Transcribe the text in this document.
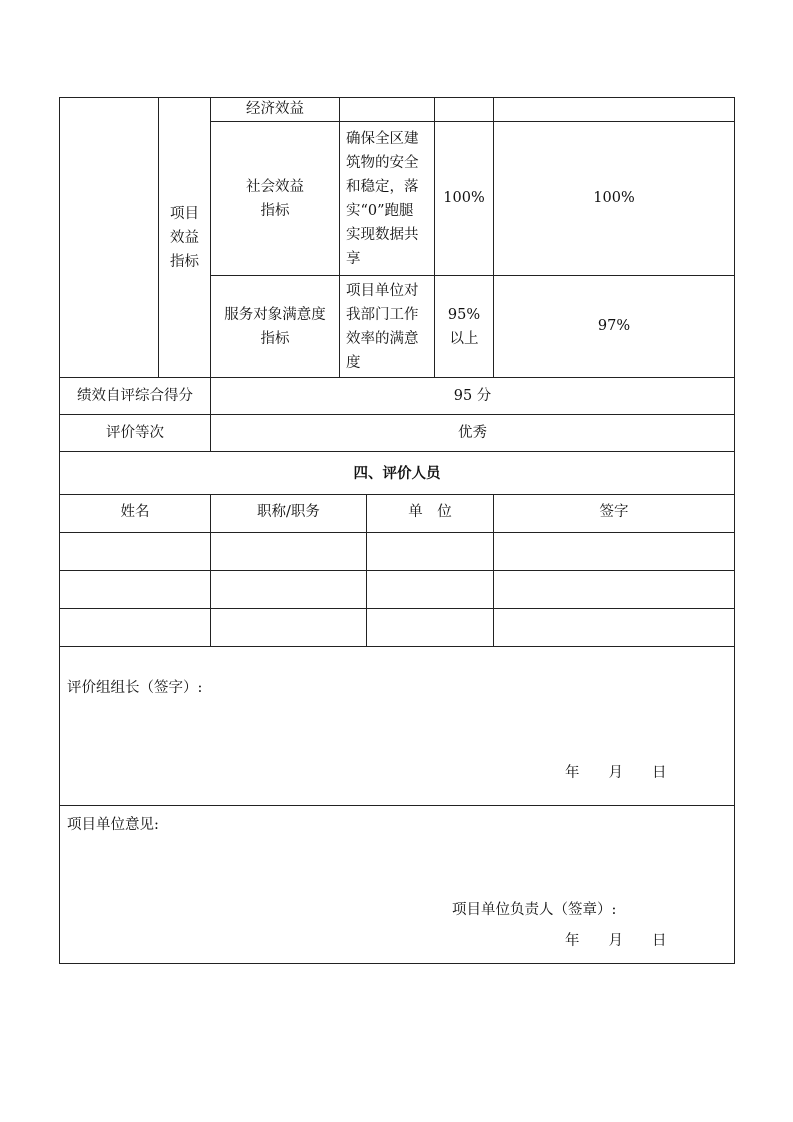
	项目效益指标	经济效益			
		社会效益指标	确保全区建筑物的安全和稳定，落实“0”跑腿实现数据共享	100%	100%
		服务对象满意度指标	项目单位对我部门工作效率的满意度	95%以上	97%
绩效自评综合得分		95 分			
评价等次		优秀			
四、评价人员					
姓名	职称/职务	单　位	签字

评价组组长（签字）:
年　　月　　日			

项目单位意见:
项目单位负责人（签章）:
年　　月　　日			
